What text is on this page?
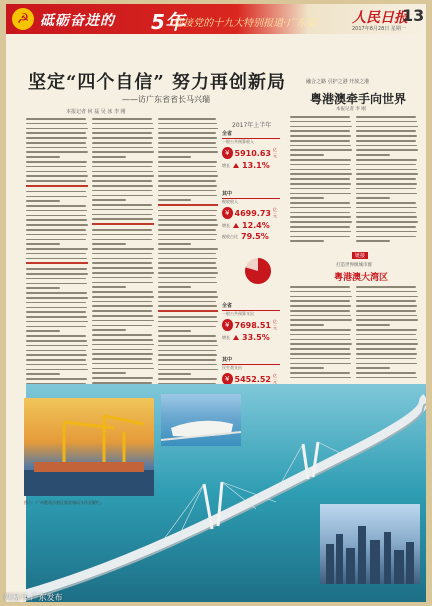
☭ 砥砺奋进的 5年
·迎接党的十九大特别报道·广东篇	人民日报
13
2017年8月28日 星期一
坚定“四个自信” 努力再创新局
——访广东省省长马兴瑞
本报记者 何 磊 吴 冰 李 刚
2017年上半年
全省
一般公共预算收入
¥ 5910.63 亿元
增长 13.1%
其中
税收收入
¥ 4699.73 亿元
增长 12.4%
税收占比 79.5%
全省
一般公共预算支出
¥ 7698.51 亿元
增长 33.5%
其中
民生类支出
¥ 5452.52 亿元
融合之路 引护之港 开放之港
粤港澳牵手向世界
本报记者 李 刚
链接
打造世界级城市群
粤港澳大湾区
图①：广州港南沙港区集装箱码头作业繁忙。
网易号 广东发布
